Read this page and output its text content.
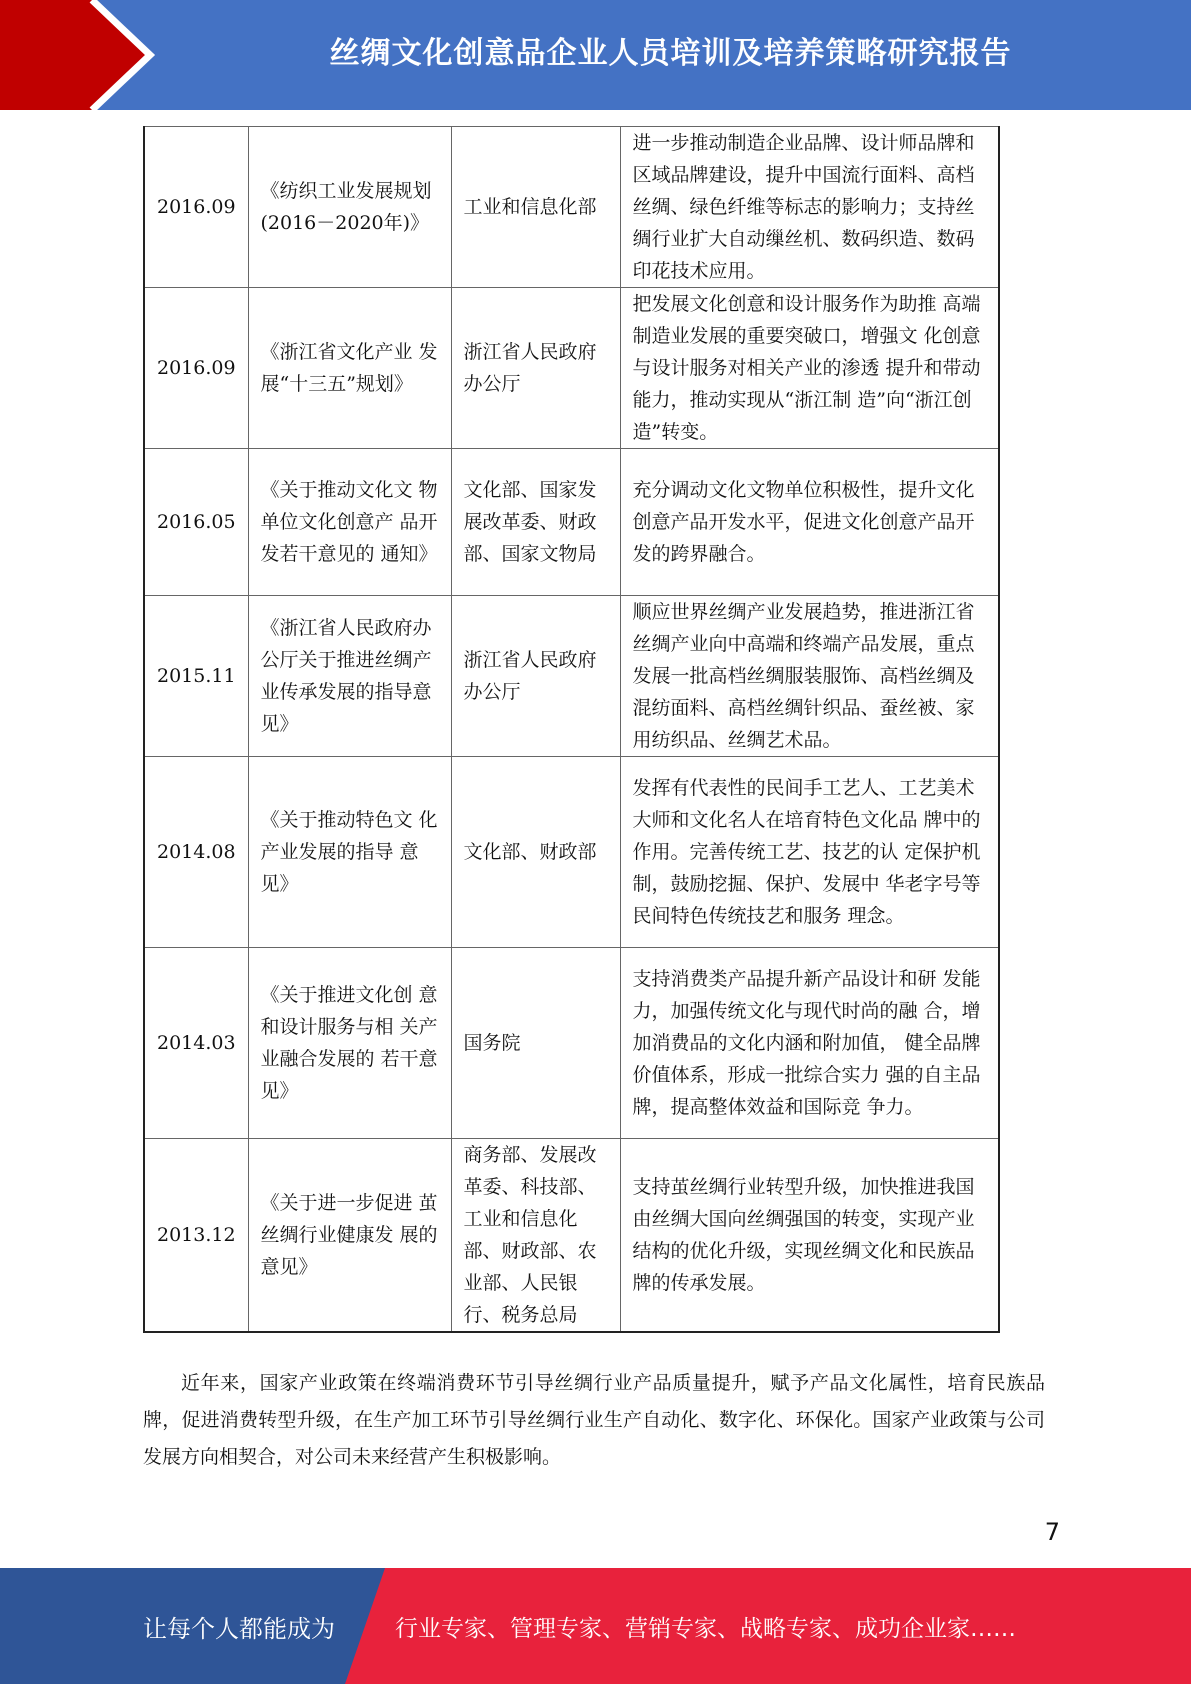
丝绸文化创意品企业人员培训及培养策略研究报告
2016.09	《纺织工业发展规划(2016－2020年)》	工业和信息化部	进一步推动制造企业品牌、设计师品牌和区域品牌建设，提升中国流行面料、高档丝绸、绿色纤维等标志的影响力；支持丝绸行业扩大自动缫丝机、数码织造、数码印花技术应用。
2016.09	《浙江省文化产业 发展“十三五”规划》	浙江省人民政府 办公厅	把发展文化创意和设计服务作为助推 高端制造业发展的重要突破口，增强文 化创意与设计服务对相关产业的渗透 提升和带动能力，推动实现从“浙江制 造”向“浙江创造”转变。
2016.05	《关于推动文化文 物单位文化创意产 品开发若干意见的 通知》	文化部、国家发 展改革委、财政 部、国家文物局	充分调动文化文物单位积极性，提升文化创意产品开发水平，促进文化创意产品开发的跨界融合。
2015.11	《浙江省人民政府办公厅关于推进丝绸产业传承发展的指导意见》	浙江省人民政府办公厅	顺应世界丝绸产业发展趋势，推进浙江省丝绸产业向中高端和终端产品发展，重点发展一批高档丝绸服装服饰、高档丝绸及混纺面料、高档丝绸针织品、蚕丝被、家用纺织品、丝绸艺术品。
2014.08	《关于推动特色文 化产业发展的指导 意见》	文化部、财政部	发挥有代表性的民间手工艺人、工艺美术大师和文化名人在培育特色文化品 牌中的作用。完善传统工艺、技艺的认 定保护机制，鼓励挖掘、保护、发展中 华老字号等民间特色传统技艺和服务 理念。
2014.03	《关于推进文化创 意和设计服务与相 关产业融合发展的 若干意见》	国务院	支持消费类产品提升新产品设计和研 发能力，加强传统文化与现代时尚的融 合，增加消费品的文化内涵和附加值， 健全品牌价值体系，形成一批综合实力 强的自主品牌，提高整体效益和国际竞 争力。
2013.12	《关于进一步促进 茧丝绸行业健康发 展的意见》	商务部、发展改革委、科技部、工业和信息化部、财政部、农业部、人民银行、税务总局	支持茧丝绸行业转型升级，加快推进我国由丝绸大国向丝绸强国的转变，实现产业结构的优化升级，实现丝绸文化和民族品牌的传承发展。

近年来，国家产业政策在终端消费环节引导丝绸行业产品质量提升，赋予产品文化属性，培育民族品牌，促进消费转型升级，在生产加工环节引导丝绸行业生产自动化、数字化、环保化。国家产业政策与公司发展方向相契合，对公司未来经营产生积极影响。

7
让每个人都能成为	行业专家、管理专家、营销专家、战略专家、成功企业家……
